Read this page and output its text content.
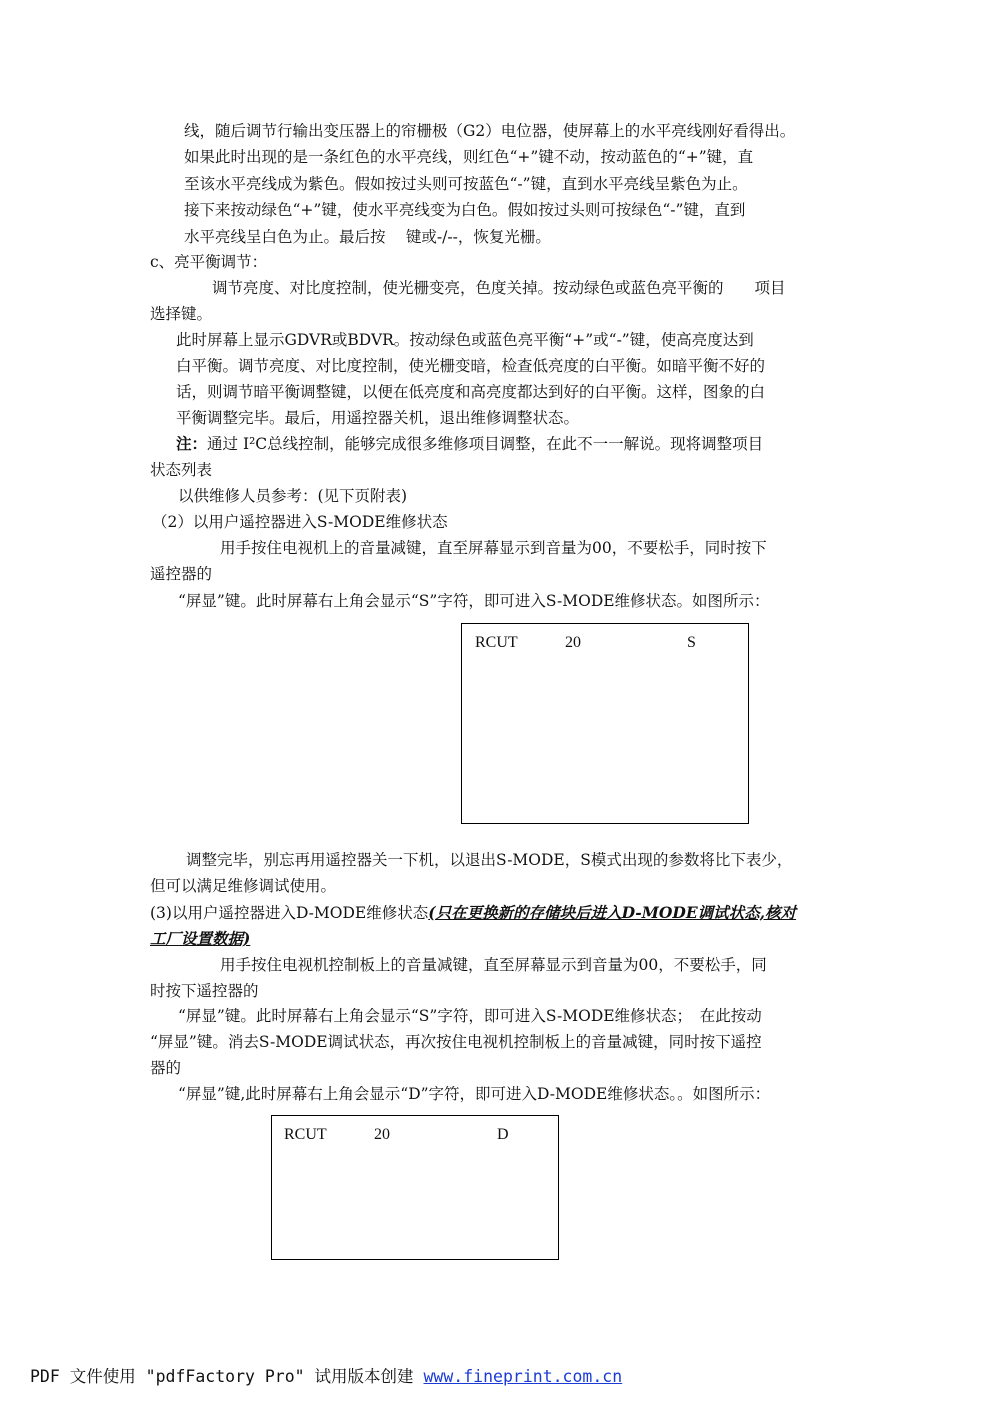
线，随后调节行输出变压器上的帘栅极（G2）电位器，使屏幕上的水平亮线刚好看得出。
如果此时出现的是一条红色的水平亮线，则红色“+”键不动，按动蓝色的“+”键，直
至该水平亮线成为紫色。假如按过头则可按蓝色“-”键，直到水平亮线呈紫色为止。
接下来按动绿色“+”键，使水平亮线变为白色。假如按过头则可按绿色“-”键，直到
水平亮线呈白色为止。最后按　 键或-/--，恢复光栅。
c、亮平衡调节：
调节亮度、对比度控制，使光栅变亮，色度关掉。按动绿色或蓝色亮平衡的　　项目
选择键。
此时屏幕上显示GDVR或BDVR。按动绿色或蓝色亮平衡“+”或“-”键，使高亮度达到
白平衡。调节亮度、对比度控制，使光栅变暗，检查低亮度的白平衡。如暗平衡不好的
话，则调节暗平衡调整键，以便在低亮度和高亮度都达到好的白平衡。这样，图象的白
平衡调整完毕。最后，用遥控器关机，退出维修调整状态。
注：通过 I²C总线控制，能够完成很多维修项目调整，在此不一一解说。现将调整项目
状态列表
以供维修人员参考：(见下页附表)
（2）以用户遥控器进入S-MODE维修状态
用手按住电视机上的音量减键，直至屏幕显示到音量为00，不要松手，同时按下
遥控器的
“屏显”键。此时屏幕右上角会显示“S”字符，即可进入S-MODE维修状态。如图所示：
RCUT	20	S
调整完毕，别忘再用遥控器关一下机，以退出S-MODE，S模式出现的参数将比下表少，
但可以满足维修调试使用。
(3)以用户遥控器进入D-MODE维修状态(只在更换新的存储块后进入D-MODE调试状态,核对
工厂设置数据)
用手按住电视机控制板上的音量减键，直至屏幕显示到音量为00，不要松手，同
时按下遥控器的
“屏显”键。此时屏幕右上角会显示“S”字符，即可进入S-MODE维修状态；　在此按动
“屏显”键。消去S-MODE调试状态，再次按住电视机控制板上的音量减键，同时按下遥控
器的
“屏显”键,此时屏幕右上角会显示“D”字符，即可进入D-MODE维修状态。。如图所示：
RCUT	20	D
PDF 文件使用 "pdfFactory Pro" 试用版本创建 www.fineprint.com.cn
